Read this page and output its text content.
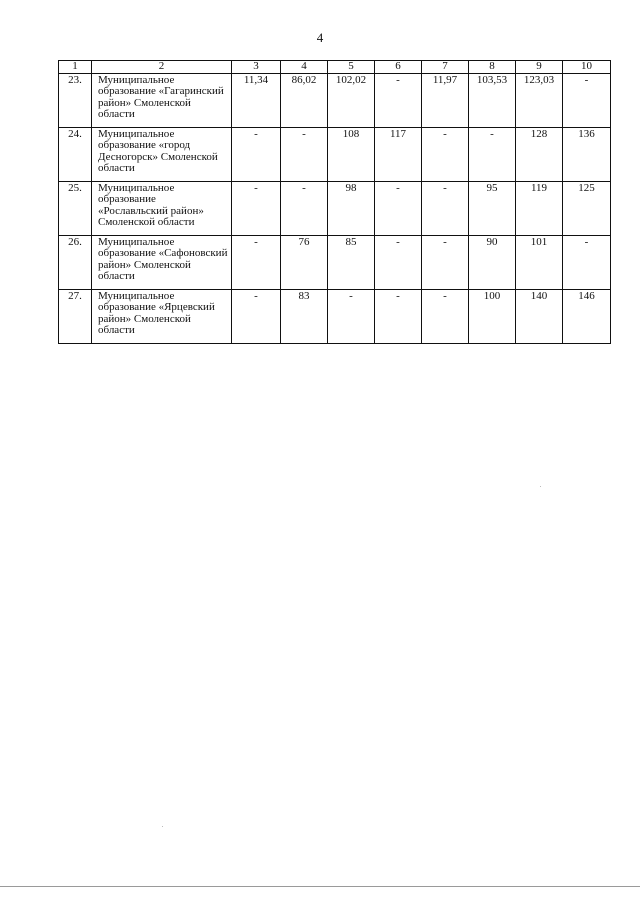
4
1	2	3	4	5	6	7	8	9	10
23.	Муниципальное образование «Гагаринский район» Смоленской области	11,34	86,02	102,02	-	11,97	103,53	123,03	-
24.	Муниципальное образование «город Десногорск» Смоленской области	-	-	108	117	-	-	128	136
25.	Муниципальное образование «Рославльский район» Смоленской области	-	-	98	-	-	95	119	125
26.	Муниципальное образование «Сафоновский район» Смоленской области	-	76	85	-	-	90	101	-
27.	Муниципальное образование «Ярцевский район» Смоленской области	-	83	-	-	-	100	140	146
